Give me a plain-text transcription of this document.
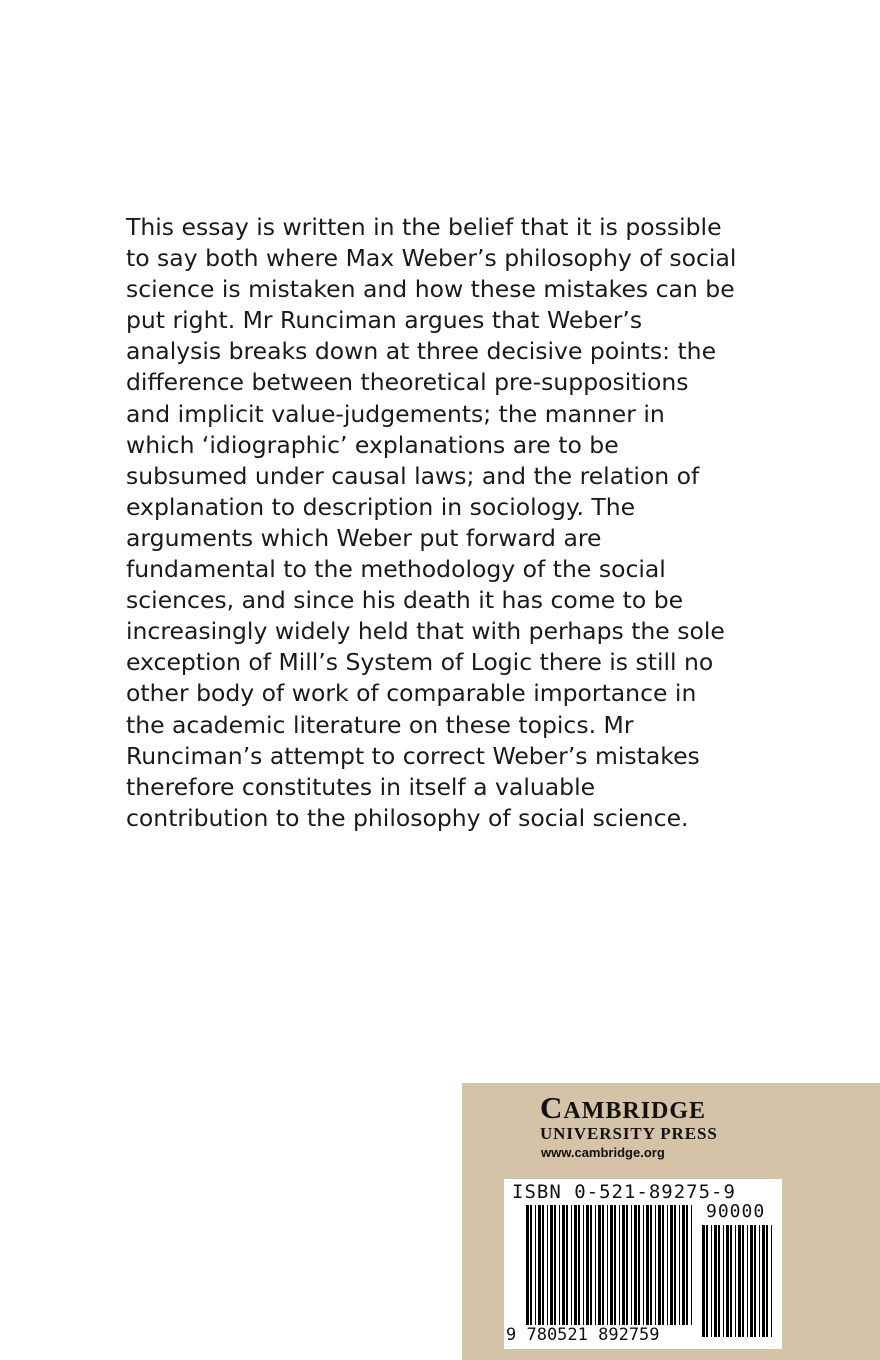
This essay is written in the belief that it is possible
to say both where Max Weber’s philosophy of social
science is mistaken and how these mistakes can be
put right. Mr Runciman argues that Weber’s
analysis breaks down at three decisive points: the
difference between theoretical pre-suppositions
and implicit value-judgements; the manner in
which ‘idiographic’ explanations are to be
subsumed under causal laws; and the relation of
explanation to description in sociology. The
arguments which Weber put forward are
fundamental to the methodology of the social
sciences, and since his death it has come to be
increasingly widely held that with perhaps the sole
exception of Mill’s System of Logic there is still no
other body of work of comparable importance in
the academic literature on these topics. Mr
Runciman’s attempt to correct Weber’s mistakes
therefore constitutes in itself a valuable
contribution to the philosophy of social science.
CAMBRIDGE
UNIVERSITY PRESS
www.cambridge.org
ISBN 0-521-89275-9
90000
9 780521 892759
